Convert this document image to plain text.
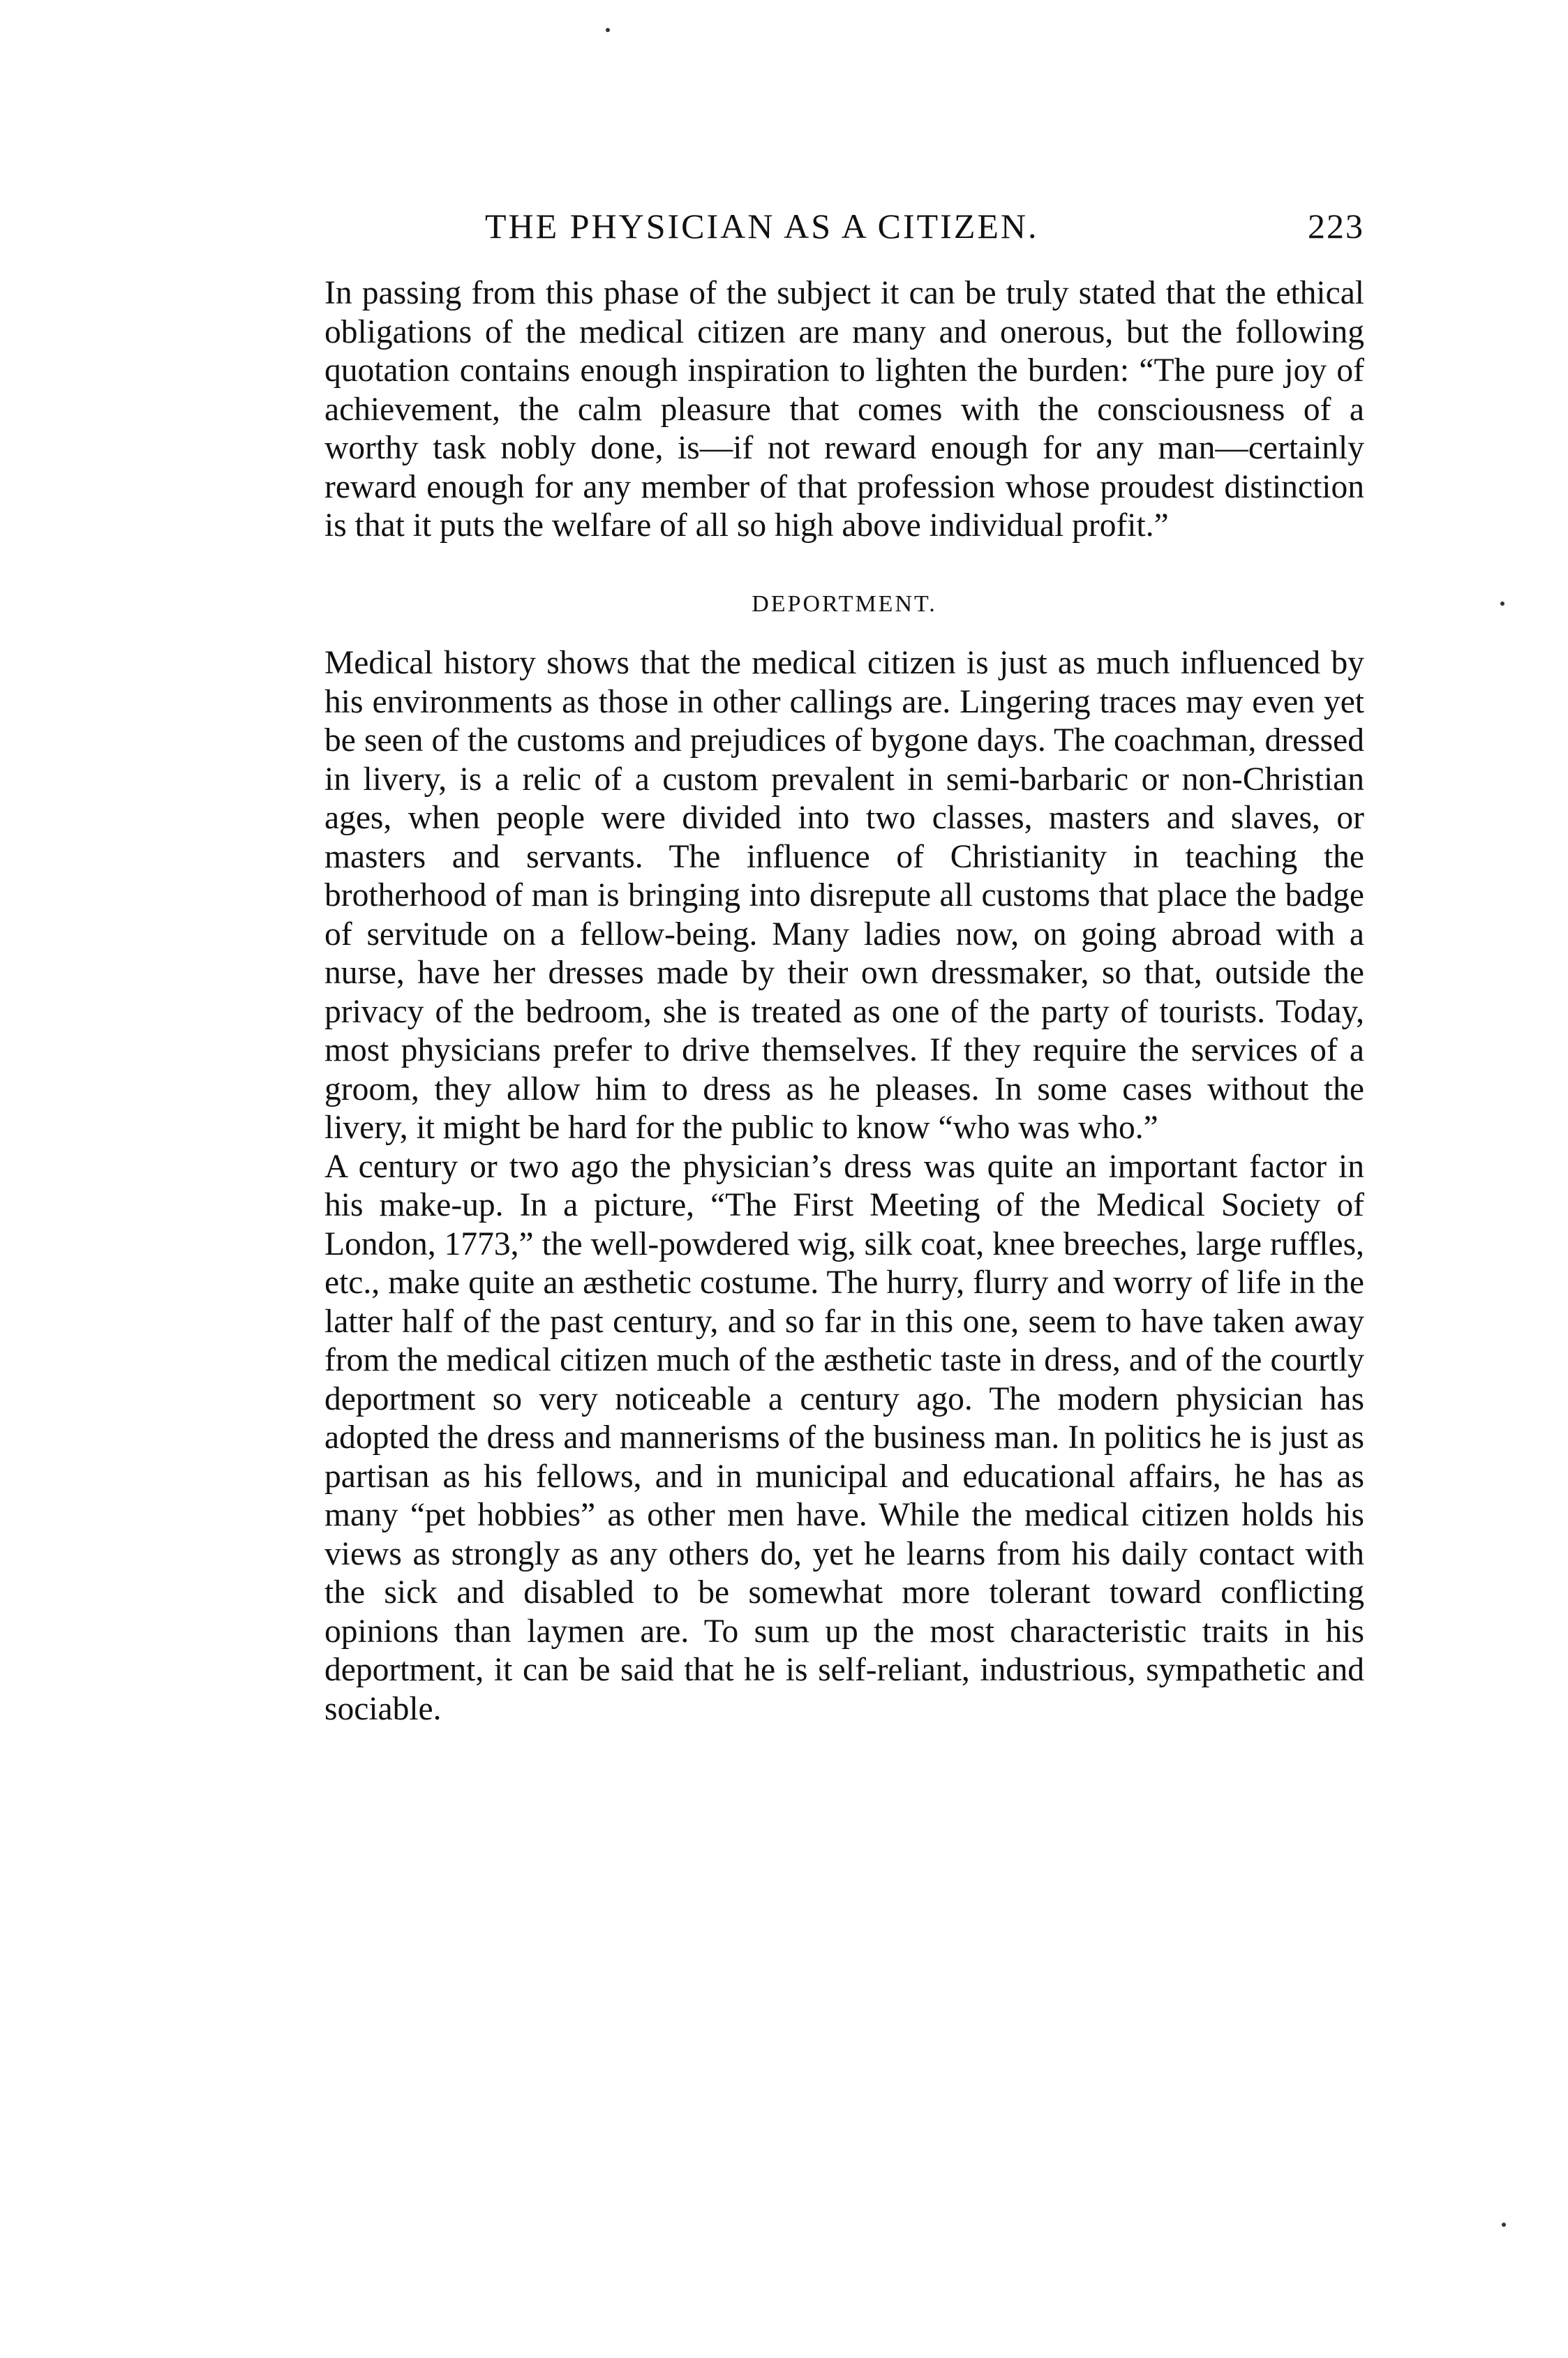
THE PHYSICIAN AS A CITIZEN.	223

In passing from this phase of the subject it can be truly stated that the ethical obligations of the medical citizen are many and onerous, but the following quotation contains enough inspiration to lighten the burden: “The pure joy of achievement, the calm pleasure that comes with the consciousness of a worthy task nobly done, is—if not reward enough for any man—certainly reward enough for any member of that profession whose proudest distinction is that it puts the welfare of all so high above individual profit.”

DEPORTMENT.

Medical history shows that the medical citizen is just as much influenced by his environments as those in other callings are. Lingering traces may even yet be seen of the customs and prejudices of bygone days. The coachman, dressed in livery, is a relic of a custom prevalent in semi-barbaric or non-Christian ages, when people were divided into two classes, masters and slaves, or masters and servants. The influence of Christianity in teaching the brotherhood of man is bringing into disrepute all customs that place the badge of servitude on a fellow-being. Many ladies now, on going abroad with a nurse, have her dresses made by their own dressmaker, so that, outside the privacy of the bedroom, she is treated as one of the party of tourists. Today, most physicians prefer to drive themselves. If they require the services of a groom, they allow him to dress as he pleases. In some cases without the livery, it might be hard for the public to know “who was who.”

A century or two ago the physician’s dress was quite an important factor in his make-up. In a picture, “The First Meeting of the Medical Society of London, 1773,” the well-powdered wig, silk coat, knee breeches, large ruffles, etc., make quite an æsthetic costume. The hurry, flurry and worry of life in the latter half of the past century, and so far in this one, seem to have taken away from the medical citizen much of the æsthetic taste in dress, and of the courtly deportment so very noticeable a century ago. The modern physician has adopted the dress and mannerisms of the business man. In politics he is just as partisan as his fellows, and in municipal and educational affairs, he has as many “pet hobbies” as other men have. While the medical citizen holds his views as strongly as any others do, yet he learns from his daily contact with the sick and disabled to be somewhat more tolerant toward conflicting opinions than laymen are. To sum up the most characteristic traits in his deportment, it can be said that he is self-reliant, industrious, sympathetic and sociable.
